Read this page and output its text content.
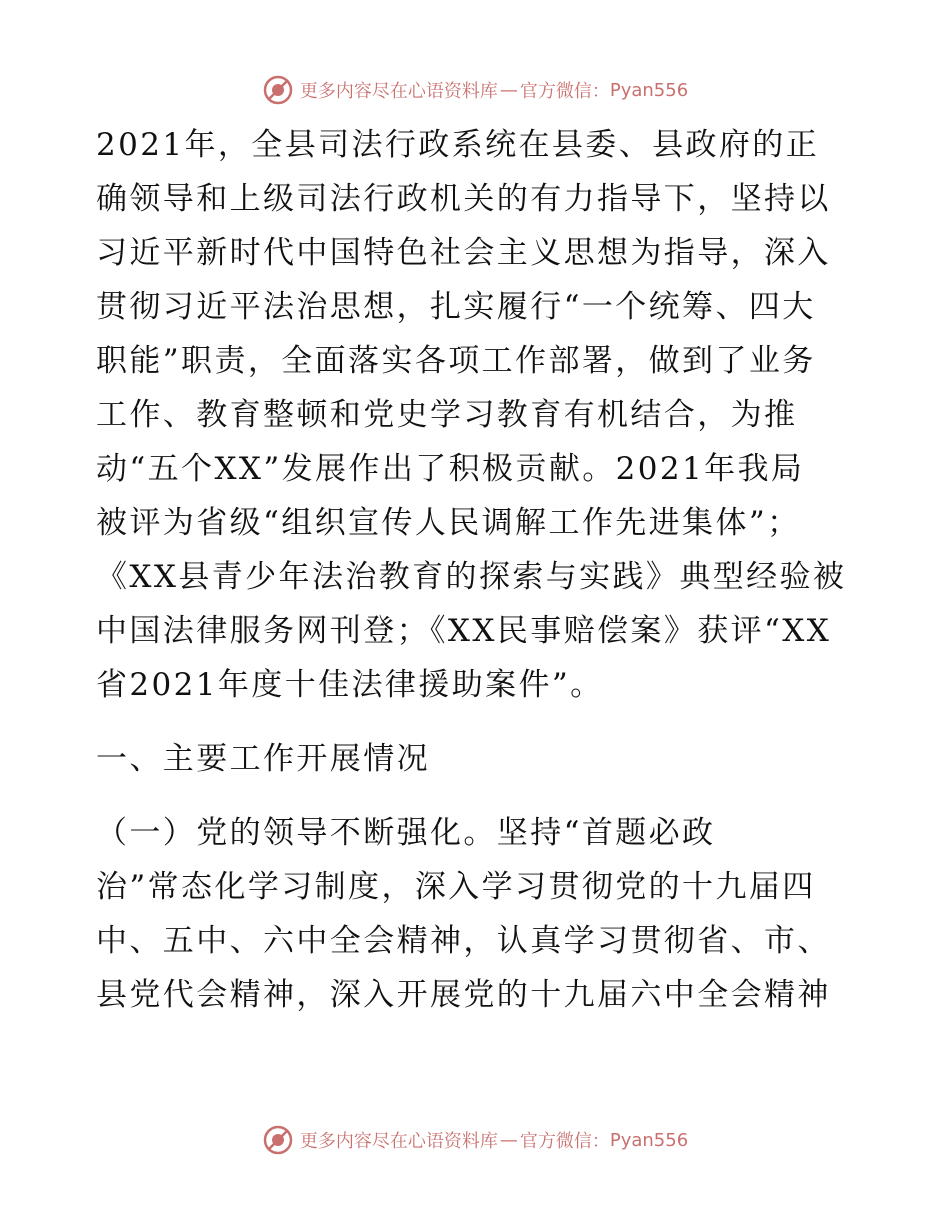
更多内容尽在心语资料库 — 官方微信： Pyan556
2021年，全县司法行政系统在县委、县政府的正
确领导和上级司法行政机关的有力指导下，坚持以
习近平新时代中国特色社会主义思想为指导，深入
贯彻习近平法治思想，扎实履行“一个统筹、四大
职能”职责，全面落实各项工作部署，做到了业务
工作、教育整顿和党史学习教育有机结合，为推
动“五个XX”发展作出了积极贡献。2021年我局
被评为省级“组织宣传人民调解工作先进集体”；
《XX县青少年法治教育的探索与实践》典型经验被
中国法律服务网刊登；《XX民事赔偿案》获评“XX
省2021年度十佳法律援助案件”。
一、主要工作开展情况
（一）党的领导不断强化。坚持“首题必政
治”常态化学习制度，深入学习贯彻党的十九届四
中、五中、六中全会精神，认真学习贯彻省、市、
县党代会精神，深入开展党的十九届六中全会精神
更多内容尽在心语资料库 — 官方微信： Pyan556
